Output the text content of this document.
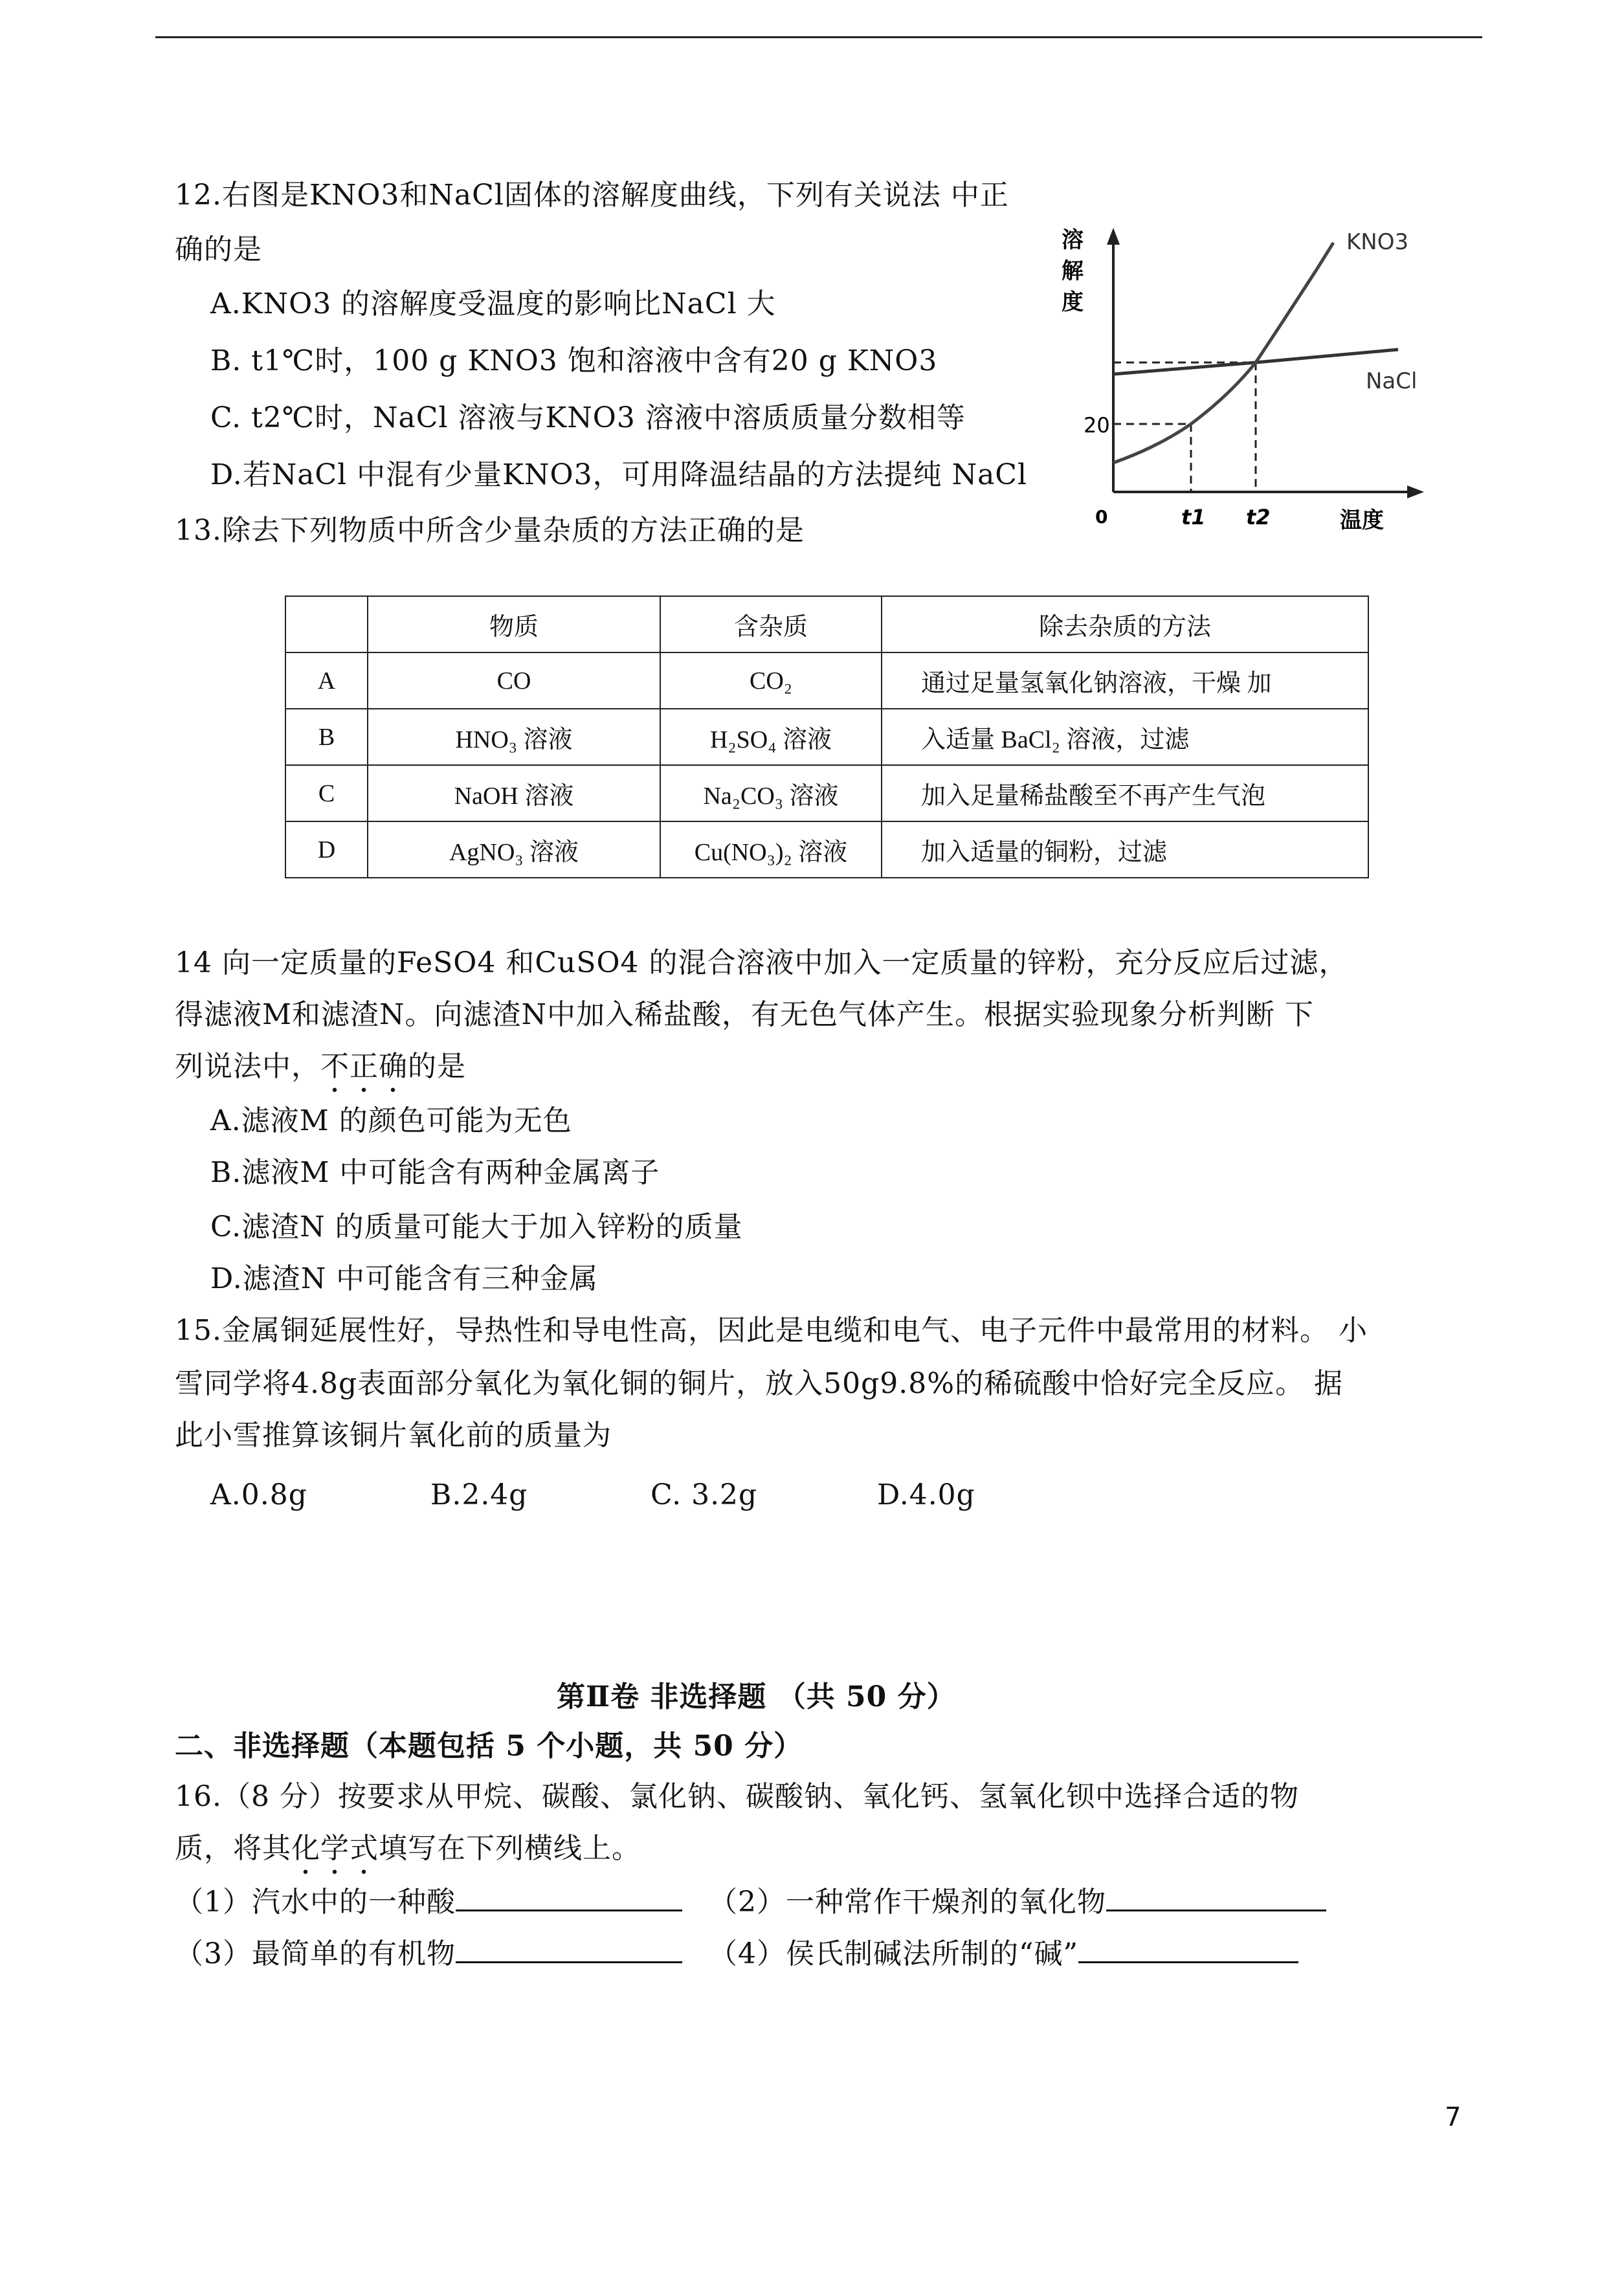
12.右图是KNO3和NaCl固体的溶解度曲线，下列有关说法 中正
确的是
A.KNO3 的溶解度受温度的影响比NaCl 大
B. t1℃时，100 g KNO3 饱和溶液中含有20 g KNO3
C. t2℃时，NaCl 溶液与KNO3 溶液中溶质质量分数相等
D.若NaCl 中混有少量KNO3，可用降温结晶的方法提纯 NaCl
溶
解
度
KNO3
NaCl
20
0	t1 t2	温度
13.除去下列物质中所含少量杂质的方法正确的是
	物质	含杂质	除去杂质的方法
A	CO	CO₂	通过足量氢氧化钠溶液，干燥 加
B	HNO₃ 溶液	H₂SO₄ 溶液	入适量 BaCl₂ 溶液，过滤
C	NaOH 溶液	Na₂CO₃ 溶液	加入足量稀盐酸至不再产生气泡
D	AgNO₃ 溶液	Cu(NO₃)₂ 溶液	加入适量的铜粉，过滤
14 向一定质量的FeSO4 和CuSO4 的混合溶液中加入一定质量的锌粉，充分反应后过滤，
得滤液M和滤渣N。向滤渣N中加入稀盐酸，有无色气体产生。根据实验现象分析判断 下
列说法中，不正确的是
A.滤液M 的颜色可能为无色
B.滤液M 中可能含有两种金属离子
C.滤渣N 的质量可能大于加入锌粉的质量
D.滤渣N 中可能含有三种金属
15.金属铜延展性好，导热性和导电性高，因此是电缆和电气、电子元件中最常用的材料。 小
雪同学将4.8g表面部分氧化为氧化铜的铜片，放入50g9.8%的稀硫酸中恰好完全反应。 据
此小雪推算该铜片氧化前的质量为
A.0.8g	B.2.4g	C. 3.2g	D.4.0g
第Ⅱ卷 非选择题 （共 50 分）
二、非选择题（本题包括 5 个小题，共 50 分）
16.（8 分）按要求从甲烷、碳酸、氯化钠、碳酸钠、氧化钙、氢氧化钡中选择合适的物
质，将其化学式填写在下列横线上。
（1）汽水中的一种酸	（2）一种常作干燥剂的氧化物
（3）最简单的有机物	（4）侯氏制碱法所制的“碱”
7
